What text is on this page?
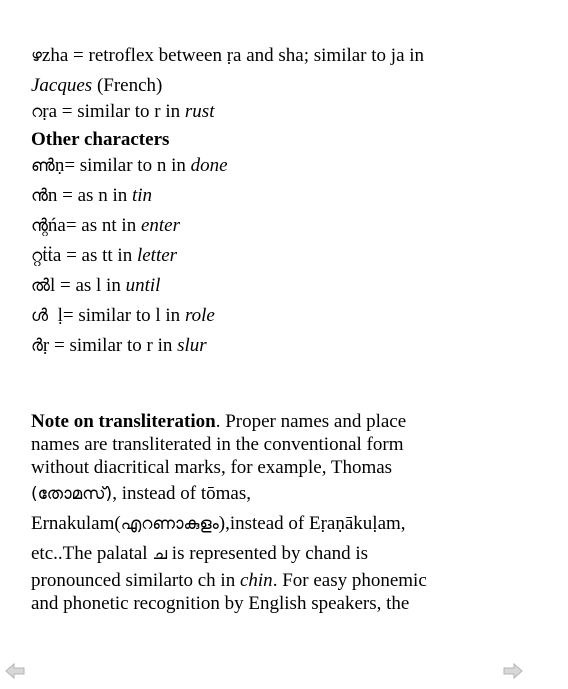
ഴzha = retroflex between ṛa and sha; similar to ja in
Jacques (French)
റṛa = similar to r in rust
Other characters
ൺṇ= similar to n in done
ൻn = as n in tin
ന്റńa= as nt in enter
റ്റṫṫa = as tt in letter
ൽl = as l in until
ൾ  ḷ= similar to l in role
ർṛ = similar to r in slur
Note on transliteration. Proper names and place
names are transliterated in the conventional form
without diacritical marks, for example, Thomas
(തോമസ്), instead of tōmas,
Ernakulam(എറണാകുളം),instead of Eṛaṇākuḷam,
etc..The palatal ച is represented by chand is
pronounced similarto ch in chin. For easy phonemic
and phonetic recognition by English speakers, the
